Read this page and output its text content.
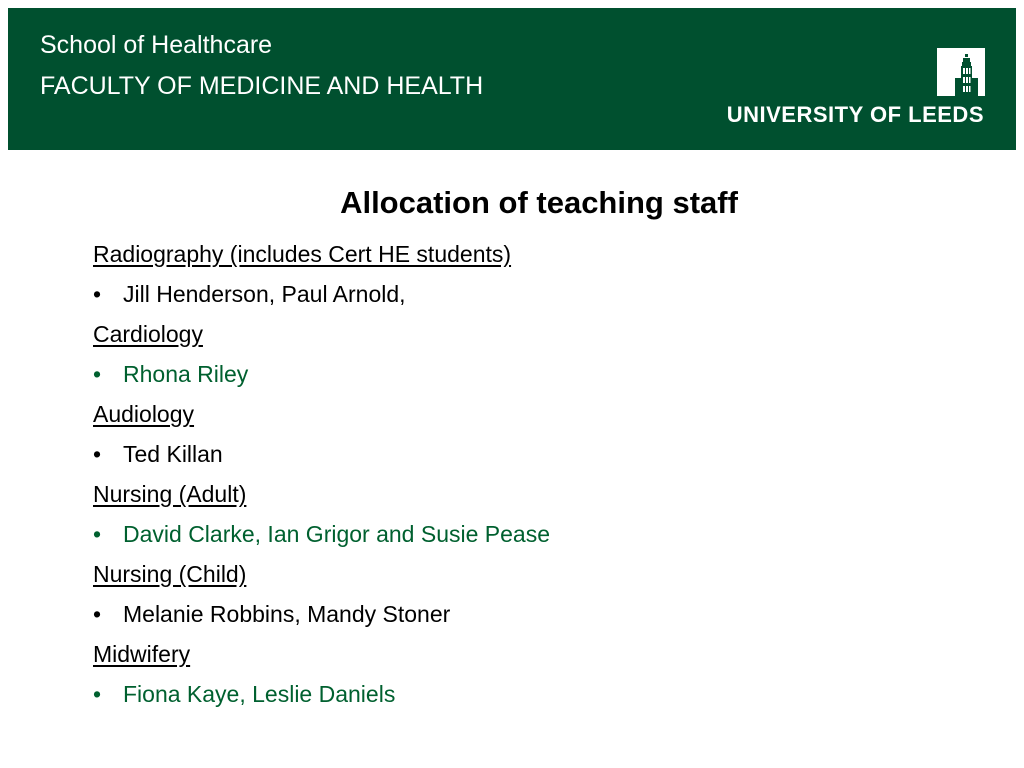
School of Healthcare
FACULTY OF MEDICINE AND HEALTH
UNIVERSITY OF LEEDS
Allocation of teaching staff
Radiography (includes Cert HE students)
• Jill Henderson, Paul Arnold,
Cardiology
• Rhona Riley
Audiology
• Ted Killan
Nursing (Adult)
• David Clarke, Ian Grigor and Susie Pease
Nursing (Child)
• Melanie Robbins, Mandy Stoner
Midwifery
• Fiona Kaye, Leslie Daniels
